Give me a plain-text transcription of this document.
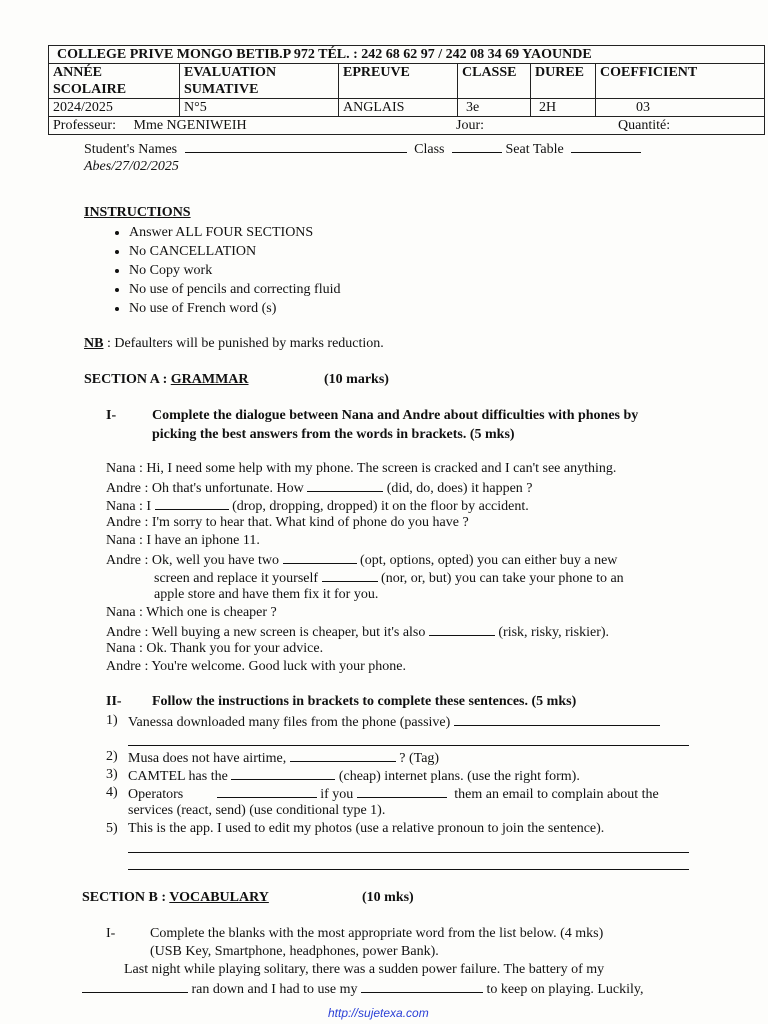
COLLEGE PRIVE MONGO BETIB.P 972 TÉL. : 242 68 62 97 / 242 08 34 69 YAOUNDE					
ANNÉE SCOLAIRE	EVALUATION SUMATIVE	EPREUVE	CLASSE	DUREE	COEFFICIENT
2024/2025	N°5	ANGLAIS	3e	2H	03
Professeur: Mme NGENIWEIH Jour: Quantité:					
Student's Names	Class	Seat Table
Abes/27/02/2025
INSTRUCTIONS
• Answer ALL FOUR SECTIONS
• No CANCELLATION
• No Copy work
• No use of pencils and correcting fluid
• No use of French word (s)
NB : Defaulters will be punished by marks reduction.
SECTION A : GRAMMAR	(10 marks)
I-	Complete the dialogue between Nana and Andre about difficulties with phones by
picking the best answers from the words in brackets. (5 mks)
Nana : Hi, I need some help with my phone. The screen is cracked and I can't see anything.
Andre : Oh that's unfortunate. How	(did, do, does) it happen ?
Nana : I	(drop, dropping, dropped) it on the floor by accident.
Andre : I'm sorry to hear that. What kind of phone do you have ?
Nana : I have an iphone 11.
Andre : Ok, well you have two	(opt, options, opted) you can either buy a new
screen and replace it yourself	(nor, or, but) you can take your phone to an
apple store and have them fix it for you.
Nana : Which one is cheaper ?
Andre : Well buying a new screen is cheaper, but it's also	(risk, risky, riskier).
Nana : Ok. Thank you for your advice.
Andre : You're welcome. Good luck with your phone.
II- Follow the instructions in brackets to complete these sentences. (5 mks)
1) Vanessa downloaded many files from the phone (passive)
2) Musa does not have airtime,	? (Tag)
3) CAMTEL has the	(cheap) internet plans. (use the right form).
4) Operators	if you	them an email to complain about the
services (react, send) (use conditional type 1).
5) This is the app. I used to edit my photos (use a relative pronoun to join the sentence).
SECTION B : VOCABULARY	(10 mks)
I- Complete the blanks with the most appropriate word from the list below. (4 mks)
(USB Key, Smartphone, headphones, power Bank).
Last night while playing solitary, there was a sudden power failure. The battery of my
ran down and I had to use my	to keep on playing. Luckily,
http://sujetexa.com
